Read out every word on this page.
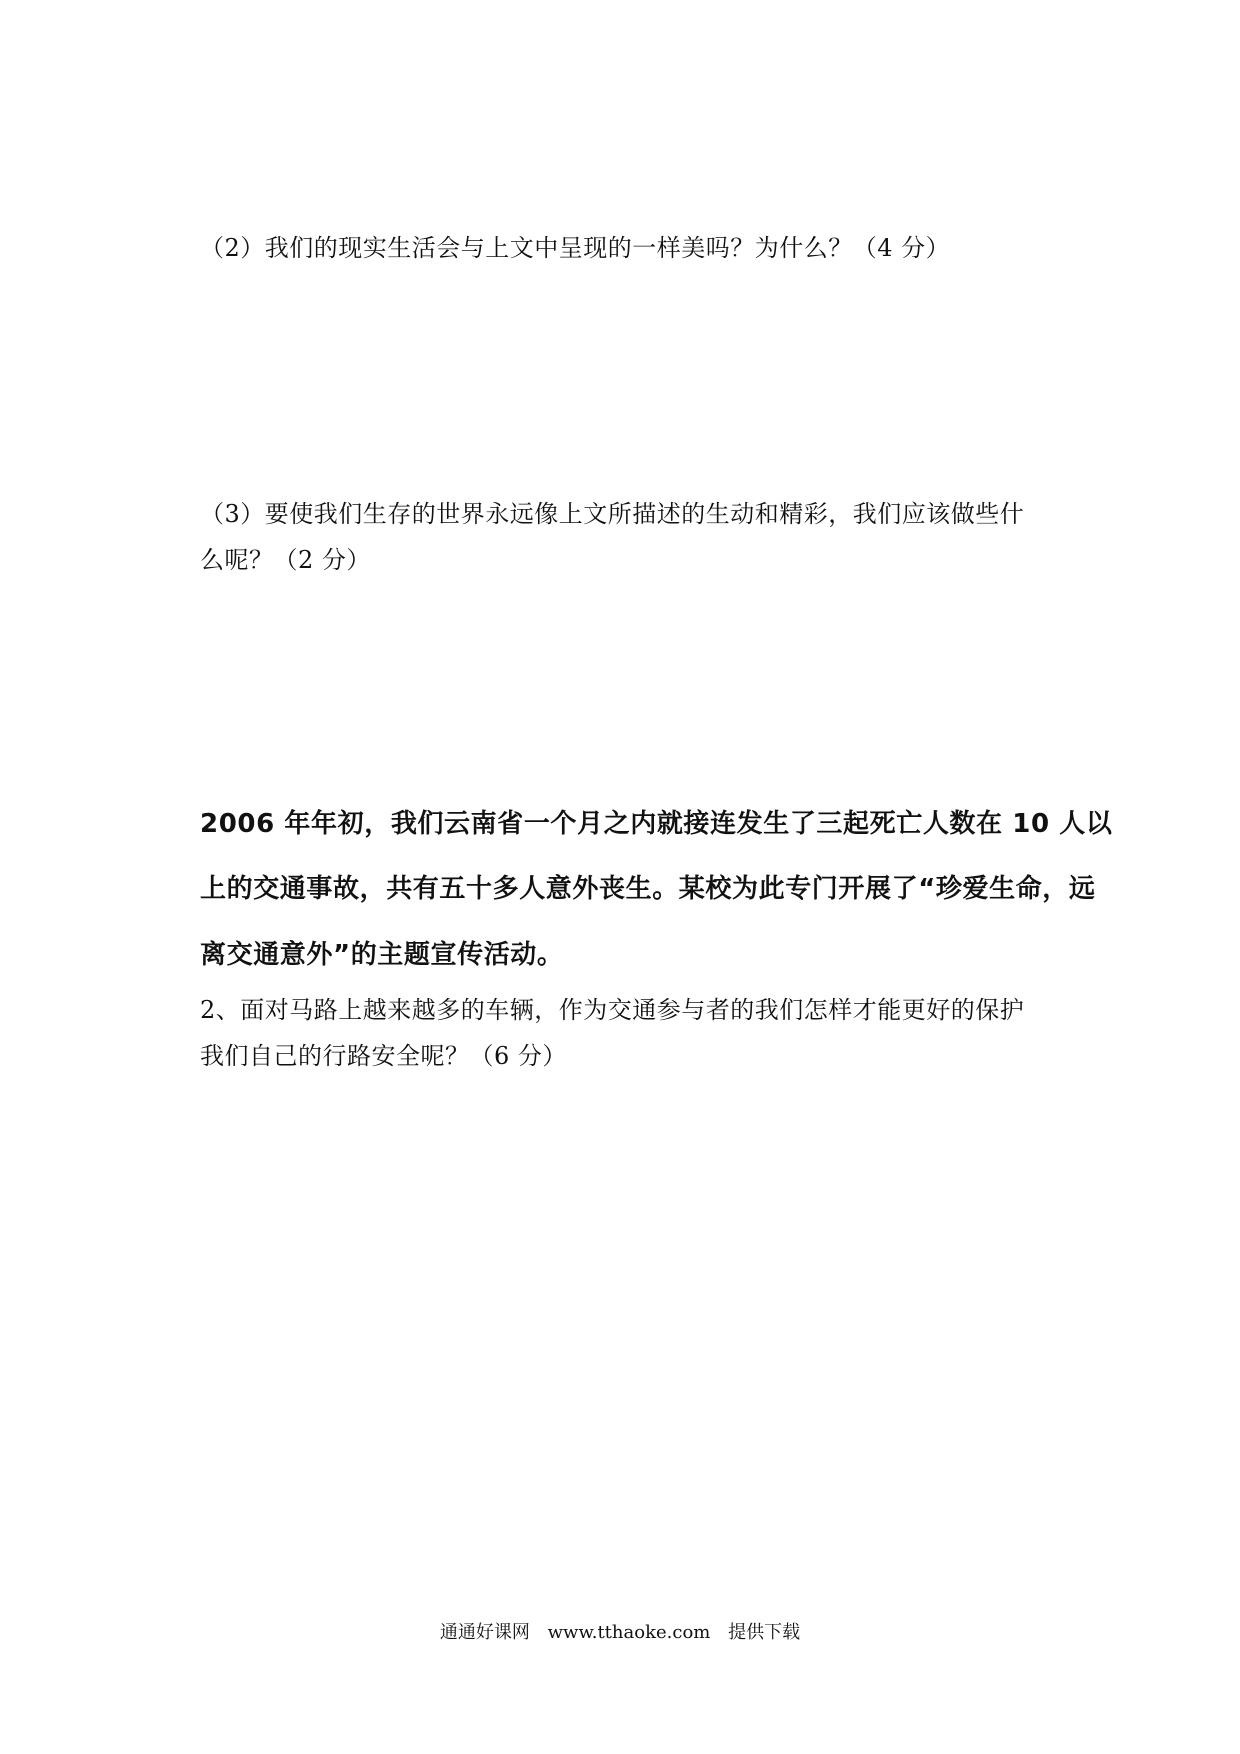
（2）我们的现实生活会与上文中呈现的一样美吗？为什么？（4 分）

（3）要使我们生存的世界永远像上文所描述的生动和精彩，我们应该做些什

么呢？（2 分）

2006 年年初，我们云南省一个月之内就接连发生了三起死亡人数在 10 人以

上的交通事故，共有五十多人意外丧生。某校为此专门开展了“珍爱生命，远

离交通意外”的主题宣传活动。

2、面对马路上越来越多的车辆，作为交通参与者的我们怎样才能更好的保护

我们自己的行路安全呢？（6 分）

通通好课网 www.tthaoke.com 提供下载
